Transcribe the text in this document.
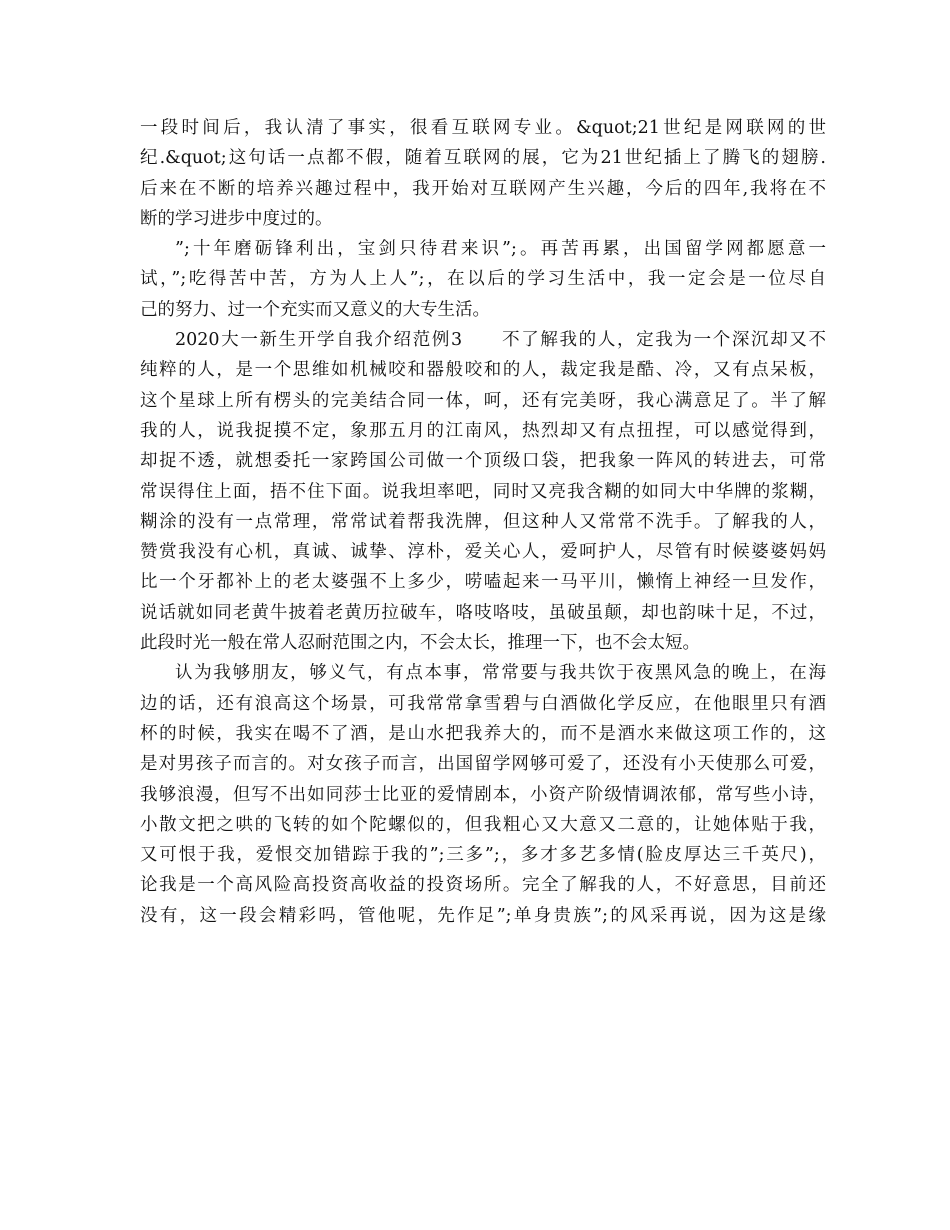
一段时间后，我认清了事实，很看互联网专业。&quot;21世纪是网联网的世
纪.&quot;这句话一点都不假，随着互联网的展，它为21世纪插上了腾飞的翅膀.
后来在不断的培养兴趣过程中，我开始对互联网产生兴趣，今后的四年,我将在不
断的学习进步中度过的。
”;十年磨砺锋利出，宝剑只待君来识”;。再苦再累，出国留学网都愿意一
试，”;吃得苦中苦，方为人上人”;，在以后的学习生活中，我一定会是一位尽自
己的努力、过一个充实而又意义的大专生活。
2020大一新生开学自我介绍范例3　　不了解我的人，定我为一个深沉却又不
纯粹的人，是一个思维如机械咬和器般咬和的人，裁定我是酷、冷，又有点呆板，
这个星球上所有楞头的完美结合同一体，呵，还有完美呀，我心满意足了。半了解
我的人，说我捉摸不定，象那五月的江南风，热烈却又有点扭捏，可以感觉得到，
却捉不透，就想委托一家跨国公司做一个顶级口袋，把我象一阵风的转进去，可常
常误得住上面，捂不住下面。说我坦率吧，同时又亮我含糊的如同大中华牌的浆糊，
糊涂的没有一点常理，常常试着帮我洗牌，但这种人又常常不洗手。了解我的人，
赞赏我没有心机，真诚、诚挚、淳朴，爱关心人，爱呵护人，尽管有时候婆婆妈妈
比一个牙都补上的老太婆强不上多少，唠嗑起来一马平川，懒惰上神经一旦发作，
说话就如同老黄牛披着老黄历拉破车，咯吱咯吱，虽破虽颠，却也韵味十足，不过，
此段时光一般在常人忍耐范围之内，不会太长，推理一下，也不会太短。
认为我够朋友，够义气，有点本事，常常要与我共饮于夜黑风急的晚上，在海
边的话，还有浪高这个场景，可我常常拿雪碧与白酒做化学反应，在他眼里只有酒
杯的时候，我实在喝不了酒，是山水把我养大的，而不是酒水来做这项工作的，这
是对男孩子而言的。对女孩子而言，出国留学网够可爱了，还没有小天使那么可爱，
我够浪漫，但写不出如同莎士比亚的爱情剧本，小资产阶级情调浓郁，常写些小诗，
小散文把之哄的飞转的如个陀螺似的，但我粗心又大意又二意的，让她体贴于我，
又可恨于我，爱恨交加错踪于我的”;三多”;，多才多艺多情(脸皮厚达三千英尺)，
论我是一个高风险高投资高收益的投资场所。完全了解我的人，不好意思，目前还
没有，这一段会精彩吗，管他呢，先作足”;单身贵族”;的风采再说，因为这是缘
